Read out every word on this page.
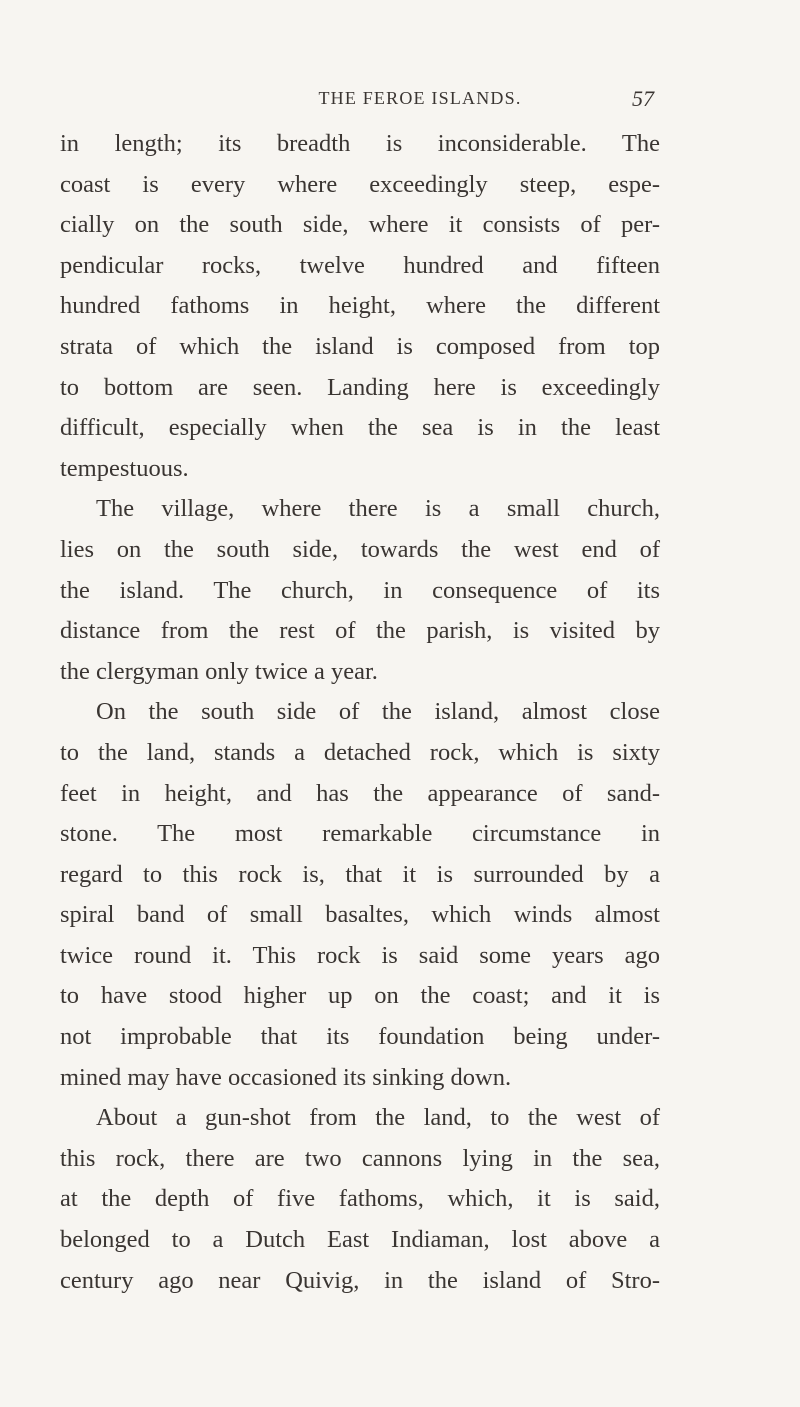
THE FEROE ISLANDS.	57
in length; its breadth is inconsiderable. The
coast is every where exceedingly steep, espe-
cially on the south side, where it consists of per-
pendicular rocks, twelve hundred and fifteen
hundred fathoms in height, where the different
strata of which the island is composed from top
to bottom are seen. Landing here is exceedingly
difficult, especially when the sea is in the least
tempestuous.
The village, where there is a small church,
lies on the south side, towards the west end of
the island. The church, in consequence of its
distance from the rest of the parish, is visited by
the clergyman only twice a year.
On the south side of the island, almost close
to the land, stands a detached rock, which is sixty
feet in height, and has the appearance of sand-
stone. The most remarkable circumstance in
regard to this rock is, that it is surrounded by a
spiral band of small basaltes, which winds almost
twice round it. This rock is said some years ago
to have stood higher up on the coast; and it is
not improbable that its foundation being under-
mined may have occasioned its sinking down.
About a gun-shot from the land, to the west of
this rock, there are two cannons lying in the sea,
at the depth of five fathoms, which, it is said,
belonged to a Dutch East Indiaman, lost above a
century ago near Quivig, in the island of Stro-
